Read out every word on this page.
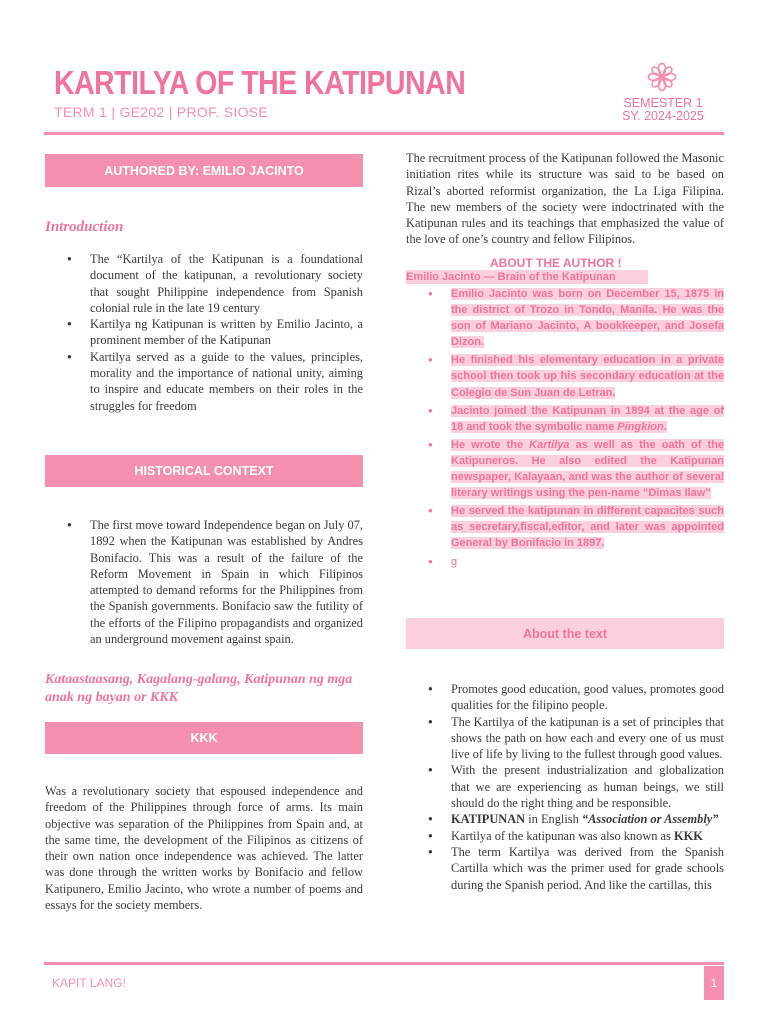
KARTILYA OF THE KATIPUNAN
TERM 1 | GE202 | PROF. SIOSE
SEMESTER 1
SY. 2024-2025
AUTHORED BY: EMILIO JACINTO
Introduction
● The “Kartilya of the Katipunan is a foundational document of the katipunan, a revolutionary society that sought Philippine independence from Spanish colonial rule in the late 19 century
● Kartilya ng Katipunan is written by Emilio Jacinto, a prominent member of the Katipunan
● Kartilya served as a guide to the values, principles, morality and the importance of national unity, aiming to inspire and educate members on their roles in the struggles for freedom
HISTORICAL CONTEXT
● The first move toward Independence began on July 07, 1892 when the Katipunan was established by Andres Bonifacio. This was a result of the failure of the Reform Movement in Spain in which Filipinos attempted to demand reforms for the Philippines from the Spanish governments. Bonifacio saw the futility of the efforts of the Filipino propagandists and organized an underground movement against spain.
Kataastaasang, Kagalang-galang, Katipunan ng mga anak ng bayan or KKK
KKK
Was a revolutionary society that espoused independence and freedom of the Philippines through force of arms. Its main objective was separation of the Philippines from Spain and, at the same time, the development of the Filipinos as citizens of their own nation once independence was achieved. The latter was done through the written works by Bonifacio and fellow Katipunero, Emilio Jacinto, who wrote a number of poems and essays for the society members.
The recruitment process of the Katipunan followed the Masonic initiation rites while its structure was said to be based on Rizal’s aborted reformist organization, the La Liga Filipina. The new members of the society were indoctrinated with the Katipunan rules and its teachings that emphasized the value of the love of one’s country and fellow Filipinos.
ABOUT THE AUTHOR !
Emilio Jacinto — Brain of the Katipunan
● Emilio Jacinto was born on December 15, 1875 in the district of Trozo in Tondo, Manila. He was the son of Mariano Jacinto, A bookkeeper, and Josefa Dizon.
● He finished his elementary education in a private school then took up his secondary education at the Colegio de Sun Juan de Letran.
● Jacinto joined the Katipunan in 1894 at the age of 18 and took the symbolic name Pingkion.
● He wrote the Kartilya as well as the oath of the Katipuneros. He also edited the Katipunan newspaper, Kalayaan, and was the author of several literary writings using the pen-name “Dimas Ilaw”
● He served the katipunan in different capacites such as secretary,fiscal,editor, and later was appointed General by Bonifacio in 1897.
● g
About the text
● Promotes good education, good values, promotes good qualities for the filipino people.
● The Kartilya of the katipunan is a set of principles that shows the path on how each and every one of us must live of life by living to the fullest through good values.
● With the present industrialization and globalization that we are experiencing as human beings, we still should do the right thing and be responsible.
● KATIPUNAN in English “Association or Assembly”
● Kartilya of the katipunan was also known as KKK
● The term Kartilya was derived from the Spanish Cartilla which was the primer used for grade schools during the Spanish period. And like the cartillas, this
KAPIT LANG!	1
